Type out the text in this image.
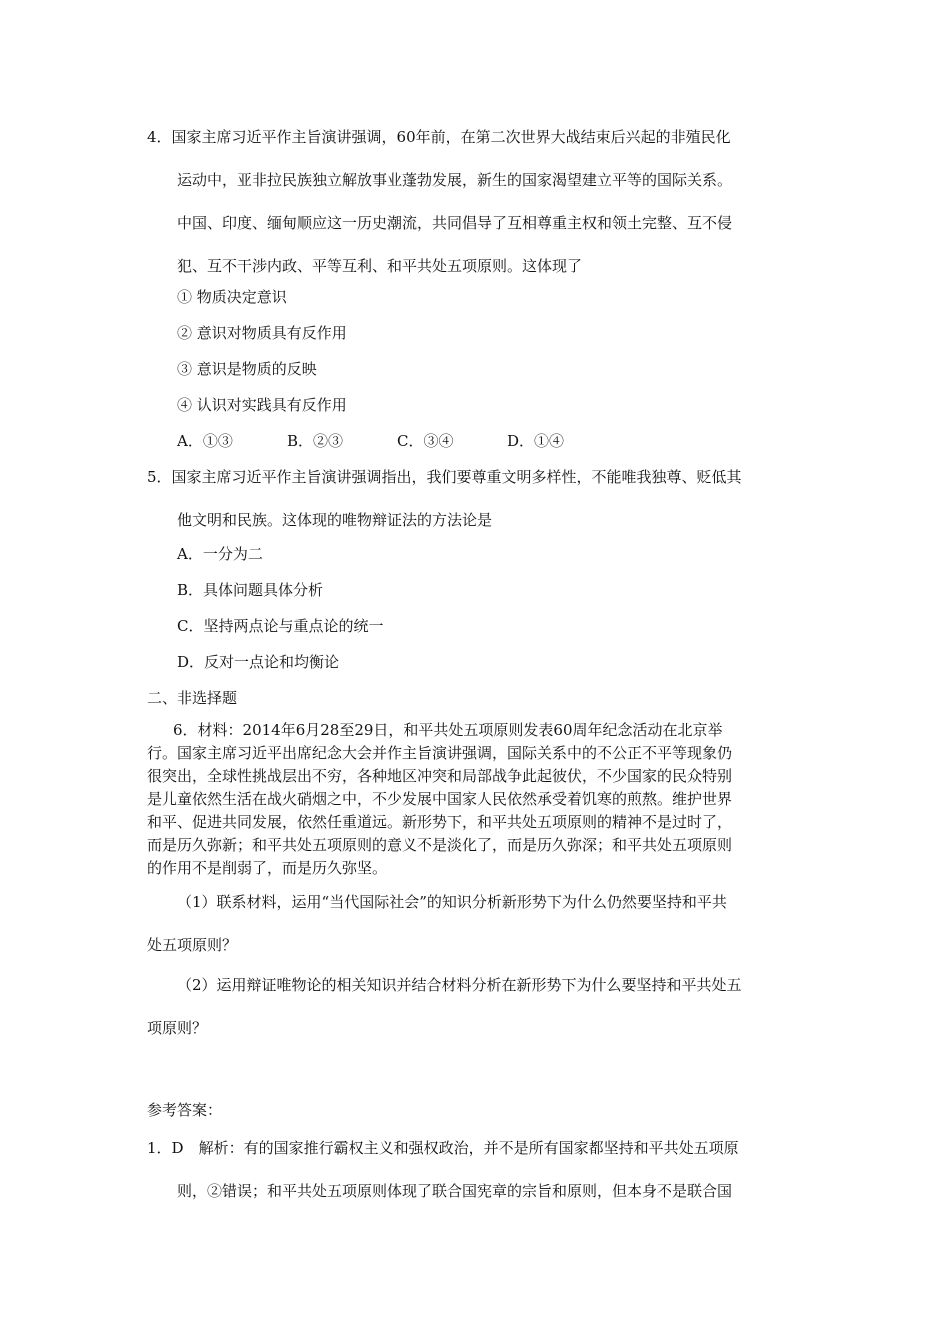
4．国家主席习近平作主旨演讲强调，60年前，在第二次世界大战结束后兴起的非殖民化
运动中，亚非拉民族独立解放事业蓬勃发展，新生的国家渴望建立平等的国际关系。
中国、印度、缅甸顺应这一历史潮流，共同倡导了互相尊重主权和领土完整、互不侵
犯、互不干涉内政、平等互利、和平共处五项原则。这体现了
① 物质决定意识
② 意识对物质具有反作用
③ 意识是物质的反映
④ 认识对实践具有反作用
A．①③	B．②③	C．③④	D．①④
5．国家主席习近平作主旨演讲强调指出，我们要尊重文明多样性，不能唯我独尊、贬低其
他文明和民族。这体现的唯物辩证法的方法论是
A．一分为二
B．具体问题具体分析
C．坚持两点论与重点论的统一
D．反对一点论和均衡论
二、非选择题
6．材料：2014年6月28至29日，和平共处五项原则发表60周年纪念活动在北京举
行。国家主席习近平出席纪念大会并作主旨演讲强调，国际关系中的不公正不平等现象仍
很突出，全球性挑战层出不穷，各种地区冲突和局部战争此起彼伏，不少国家的民众特别
是儿童依然生活在战火硝烟之中，不少发展中国家人民依然承受着饥寒的煎熬。维护世界
和平、促进共同发展，依然任重道远。新形势下，和平共处五项原则的精神不是过时了，
而是历久弥新；和平共处五项原则的意义不是淡化了，而是历久弥深；和平共处五项原则
的作用不是削弱了，而是历久弥坚。
（1）联系材料，运用“当代国际社会”的知识分析新形势下为什么仍然要坚持和平共
处五项原则？
（2）运用辩证唯物论的相关知识并结合材料分析在新形势下为什么要坚持和平共处五
项原则？
参考答案：
1．D　解析：有的国家推行霸权主义和强权政治，并不是所有国家都坚持和平共处五项原
则，②错误；和平共处五项原则体现了联合国宪章的宗旨和原则，但本身不是联合国
